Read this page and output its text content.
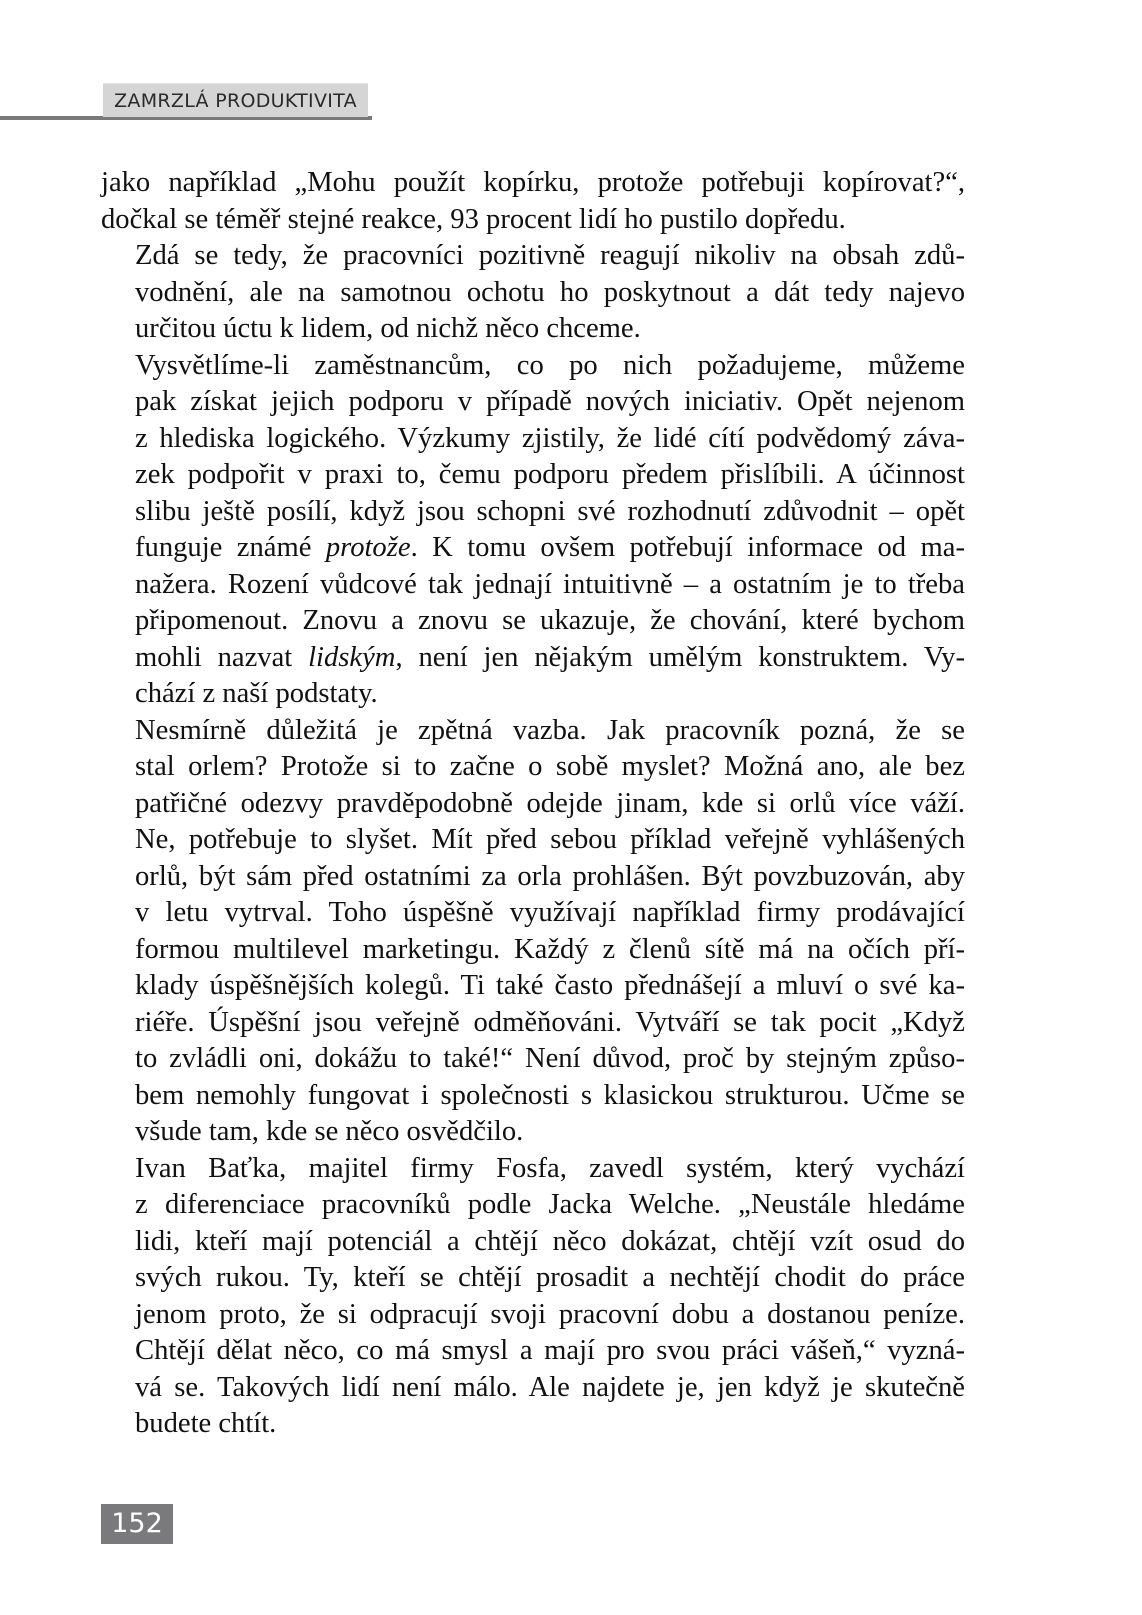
ZAMRZLÁ PRODUKTIVITA

jako například „Mohu použít kopírku, protože potřebuji kopírovat?“,
dočkal se téměř stejné reakce, 93 procent lidí ho pustilo dopředu.

Zdá se tedy, že pracovníci pozitivně reagují nikoliv na obsah zdů-
vodnění, ale na samotnou ochotu ho poskytnout a dát tedy najevo
určitou úctu k lidem, od nichž něco chceme.

Vysvětlíme-li zaměstnancům, co po nich požadujeme, můžeme
pak získat jejich podporu v případě nových iniciativ. Opět nejenom
z hlediska logického. Výzkumy zjistily, že lidé cítí podvědomý záva-
zek podpořit v praxi to, čemu podporu předem přislíbili. A účinnost
slibu ještě posílí, když jsou schopni své rozhodnutí zdůvodnit – opět
funguje známé protože. K tomu ovšem potřebují informace od ma-
nažera. Rození vůdcové tak jednají intuitivně – a ostatním je to třeba
připomenout. Znovu a znovu se ukazuje, že chování, které bychom
mohli nazvat lidským, není jen nějakým umělým konstruktem. Vy-
chází z naší podstaty.

Nesmírně důležitá je zpětná vazba. Jak pracovník pozná, že se
stal orlem? Protože si to začne o sobě myslet? Možná ano, ale bez
patřičné odezvy pravděpodobně odejde jinam, kde si orlů více váží.
Ne, potřebuje to slyšet. Mít před sebou příklad veřejně vyhlášených
orlů, být sám před ostatními za orla prohlášen. Být povzbuzován, aby
v letu vytrval. Toho úspěšně využívají například firmy prodávající
formou multilevel marketingu. Každý z členů sítě má na očích pří-
klady úspěšnějších kolegů. Ti také často přednášejí a mluví o své ka-
riéře. Úspěšní jsou veřejně odměňováni. Vytváří se tak pocit „Když
to zvládli oni, dokážu to také!“ Není důvod, proč by stejným způso-
bem nemohly fungovat i společnosti s klasickou strukturou. Učme se
všude tam, kde se něco osvědčilo.

Ivan Baťka, majitel firmy Fosfa, zavedl systém, který vychází
z diferenciace pracovníků podle Jacka Welche. „Neustále hledáme
lidi, kteří mají potenciál a chtějí něco dokázat, chtějí vzít osud do
svých rukou. Ty, kteří se chtějí prosadit a nechtějí chodit do práce
jenom proto, že si odpracují svoji pracovní dobu a dostanou peníze.
Chtějí dělat něco, co má smysl a mají pro svou práci vášeň,“ vyzná-
vá se. Takových lidí není málo. Ale najdete je, jen když je skutečně
budete chtít.

152
